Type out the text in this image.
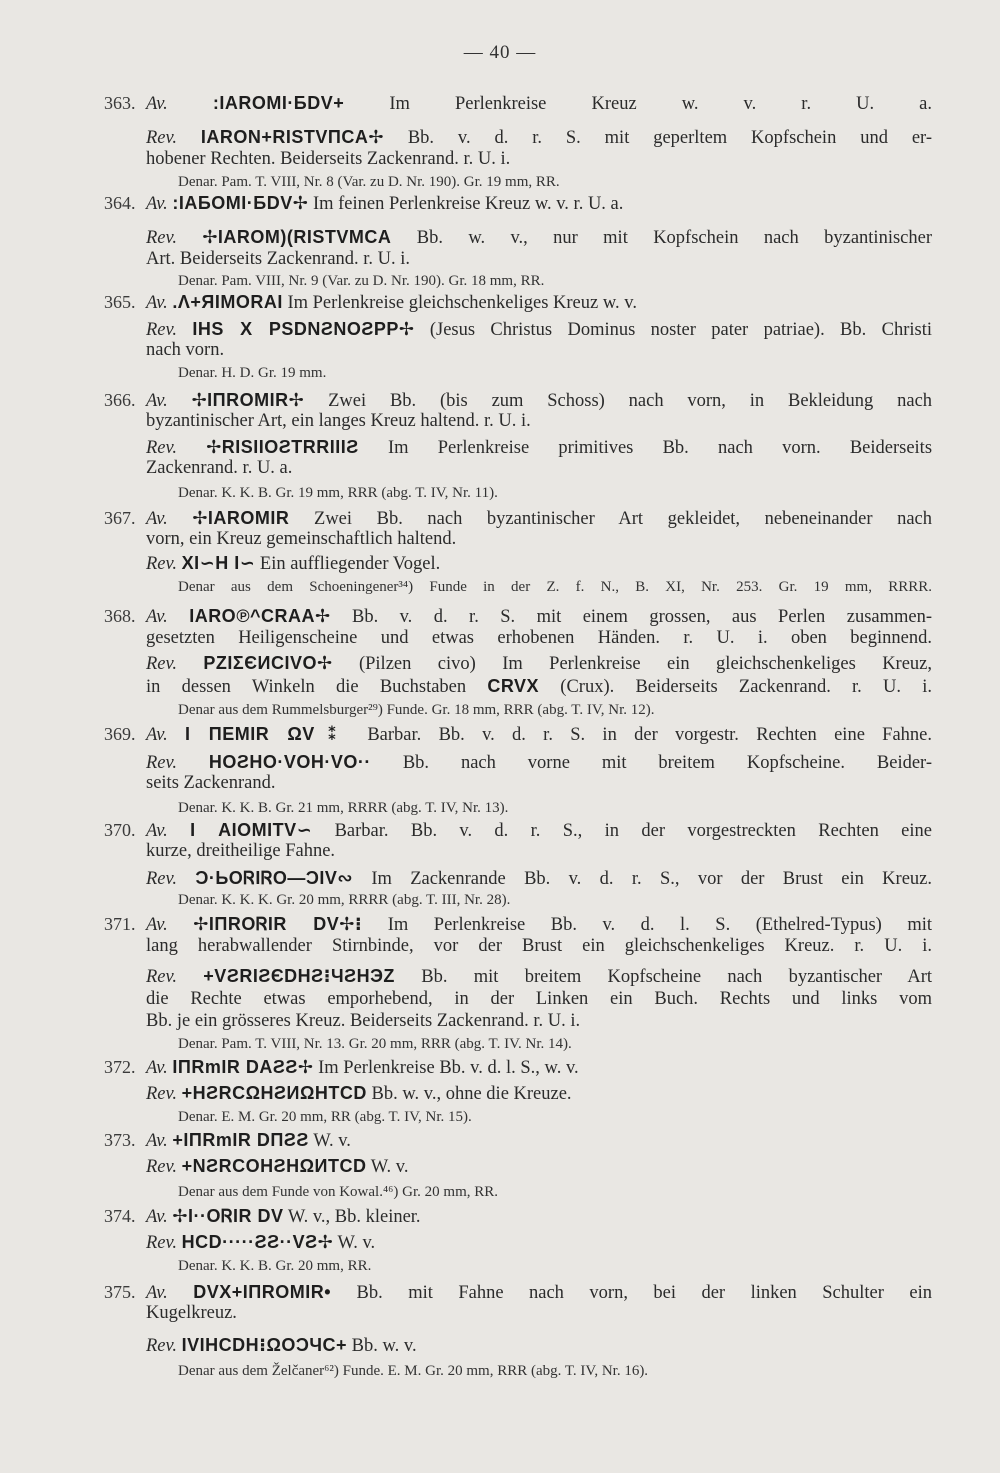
— 40 —
363. Av.	:IAROMI·БDV+ Im Perlenkreise Kreuz w. v. r. U. a.
Rev. IARON+RISTVΠCA✢ Bb. v. d. r. S. mit geperltem Kopfschein und er-
hobener Rechten. Beiderseits Zackenrand. r. U. i.
Denar. Pam. T. VIII, Nr. 8 (Var. zu D. Nr. 190). Gr. 19 mm, RR.
364. Av. :IAБOMI·БDV✢ Im feinen Perlenkreise Kreuz w. v. r. U. a.
Rev. ✢IAROM)(RISTVMCA Bb. w. v., nur mit Kopfschein nach byzantinischer
Art. Beiderseits Zackenrand. r. U. i.
Denar. Pam. VIII, Nr. 9 (Var. zu D. Nr. 190). Gr. 18 mm, RR.
365. Av. .Λ+ЯIMORAI Im Perlenkreise gleichschenkeliges Kreuz w. v.
Rev. IHS X PSDNƧNOƧPP✢ (Jesus Christus Dominus noster pater patriae). Bb. Christi
nach vorn.
Denar. H. D. Gr. 19 mm.
366. Av. ✢IΠROMIR✢ Zwei Bb. (bis zum Schoss) nach vorn, in Bekleidung nach
byzantinischer Art, ein langes Kreuz haltend. r. U. i.
Rev. ✢RISIIOƧTRRIIIƧ Im Perlenkreise primitives Bb. nach vorn. Beiderseits
Zackenrand. r. U. a.
Denar. K. K. B. Gr. 19 mm, RRR (abg. T. IV, Nr. 11).
367. Av. ✢IAROMIR Zwei Bb. nach byzantinischer Art gekleidet, nebeneinander nach
vorn, ein Kreuz gemeinschaftlich haltend.
Rev. XI∽H I∽ Ein auffliegender Vogel.
Denar aus dem Schoeningener³⁴) Funde in der Z. f. N., B. XI, Nr. 253. Gr. 19 mm, RRRR.
368. Av. IARO℗^CRAA✢ Bb. v. d. r. S. mit einem grossen, aus Perlen zusammen-
gesetzten Heiligenscheine und etwas erhobenen Händen. r. U. i. oben beginnend.
Rev. PZIΣЄИCIVO✢ (Pilzen civo) Im Perlenkreise ein gleichschenkeliges Kreuz,
in dessen Winkeln die Buchstaben CRVX (Crux). Beiderseits Zackenrand. r. U. i.
Denar aus dem Rummelsburger²⁹) Funde. Gr. 18 mm, RRR (abg. T. IV, Nr. 12).
369. Av. I ΠEMIR ΩV⁑ Barbar. Bb. v. d. r. S. in der vorgestr. Rechten eine Fahne.
Rev. HOƧHO·VOH·VO·· Bb. nach vorne mit breitem Kopfscheine. Beider-
seits Zackenrand.
Denar. K. K. B. Gr. 21 mm, RRRR (abg. T. IV, Nr. 13).
370. Av. I AIOMITV∽ Barbar. Bb. v. d. r. S., in der vorgestreckten Rechten eine
kurze, dreitheilige Fahne.
Rev. Ɔ·ЬOᏒIᏒO—ƆIV∾ Im Zackenrande Bb. v. d. r. S., vor der Brust ein Kreuz.
Denar. K. K. K. Gr. 20 mm, RRRR (abg. T. III, Nr. 28).
371. Av. ✢IΠROᏒIR DV✢⁝ Im Perlenkreise Bb. v. d. l. S. (Ethelred-Typus) mit
lang herabwallender Stirnbinde, vor der Brust ein gleichschenkeliges Kreuz. r. U. i.
Rev. +VƧRIƧЄDHƧ⁝ЧƧHЭZ Bb. mit breitem Kopfscheine nach byzantischer Art
die Rechte etwas emporhebend, in der Linken ein Buch. Rechts und links vom
Bb. je ein grösseres Kreuz. Beiderseits Zackenrand. r. U. i.
Denar. Pam. T. VIII, Nr. 13. Gr. 20 mm, RRR (abg. T. IV. Nr. 14).
372. Av. IΠRmIR DAƧƧ✢ Im Perlenkreise Bb. v. d. l. S., w. v.
Rev. +HƧRCΩHƧИΩHTCD Bb. w. v., ohne die Kreuze.
Denar. E. M. Gr. 20 mm, RR (abg. T. IV, Nr. 15).
373. Av. +IΠRmIR DΠƧƧ W. v.
Rev. +NƧRCOHƧHΩИTCD W. v.
Denar aus dem Funde von Kowal.⁴⁶) Gr. 20 mm, RR.
374. Av. ✢I··OᏒIR DV W. v., Bb. kleiner.
Rev. HCD·····ƧƧ··VƧ✢ W. v.
Denar. K. K. B. Gr. 20 mm, RR.
375. Av. DVX+IΠROMIR• Bb. mit Fahne nach vorn, bei der linken Schulter ein
Kugelkreuz.
Rev. IVIHCDH⁝ΩOƆЧC+ Bb. w. v.
Denar aus dem Želčaner⁶²) Funde. E. M. Gr. 20 mm, RRR (abg. T. IV, Nr. 16).
